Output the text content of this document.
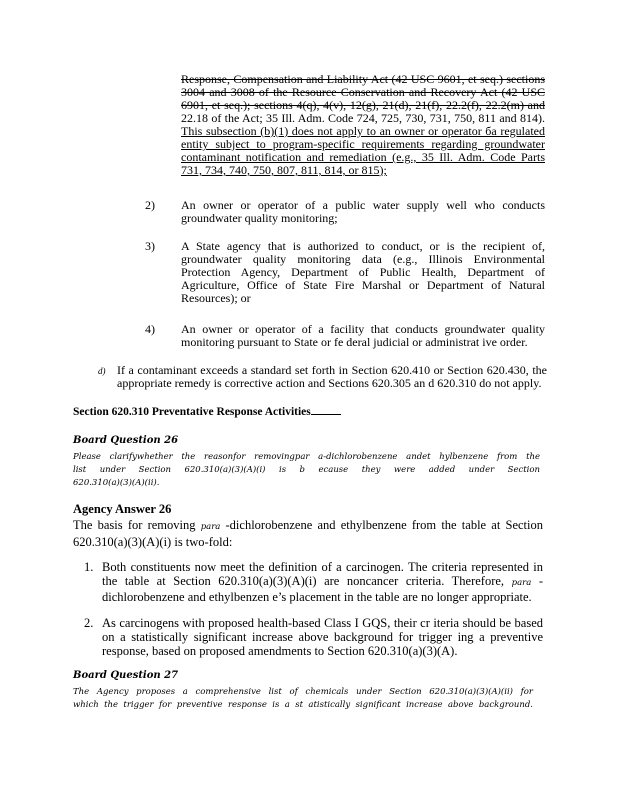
Response, Compensation and Liability Act (42 USC 9601, et seq.) sections 3004 and 3008 of the Resource Conservation and Recovery Act (42 USC 6901, et seq.); sections 4(q), 4(v), 12(g), 21(d), 21(f), 22.2(f), 22.2(m) and 22.18 of the Act; 35 Ill. Adm. Code 724, 725, 730, 731, 750, 811 and 814). This subsection (b)(1) does not apply to an owner or operator бa regulated entity subject to program-specific requirements regarding groundwater contaminant notification and remediation (e.g., 35 Ill. Adm. Code Parts 731, 734, 740, 750, 807, 811, 814, or 815);

2) An owner or operator of a public water supply well who conducts groundwater quality monitoring;

3) A State agency that is authorized to conduct, or is the recipient of, groundwater quality monitoring data (e.g., Illinois Environmental Protection Agency, Department of Public Health, Department of Agriculture, Office of State Fire Marshal or Department of Natural Resources); or

4) An owner or operator of a facility that conducts groundwater quality monitoring pursuant to State or fe deral judicial or administrat ive order.

d) If a contaminant exceeds a standard set forth in Section 620.410 or Section 620.430, the appropriate remedy is corrective action and Sections 620.305 an d 620.310 do not apply.

Section 620.310 Preventative Response Activities
Board Question 26
Please clarifywhether the reasonfor removingpar a-dichlorobenzene andet hylbenzene from the
list under Section 620.310(a)(3)(A)(i) is b ecause they were added under Section
620.310(a)(3)(A)(ii).
Agency Answer 26

The basis for removing para -dichlorobenzene and ethylbenzene from the table at Section 620.310(a)(3)(A)(i) is two-fold:

1. Both constituents now meet the definition of a carcinogen. The criteria represented in the table at Section 620.310(a)(3)(A)(i) are noncancer criteria. Therefore, para - dichlorobenzene and ethylbenzen e’s placement in the table are no longer appropriate.

2. As carcinogens with proposed health-based Class I GQS, their cr iteria should be based on a statistically significant increase above background for trigger ing a preventive response, based on proposed amendments to Section 620.310(a)(3)(A).

Board Question 27
The Agency proposes a comprehensive list of chemicals under Section 620.310(a)(3)(A)(ii) for
which the trigger for preventive response is a st atistically significant increase above background.
